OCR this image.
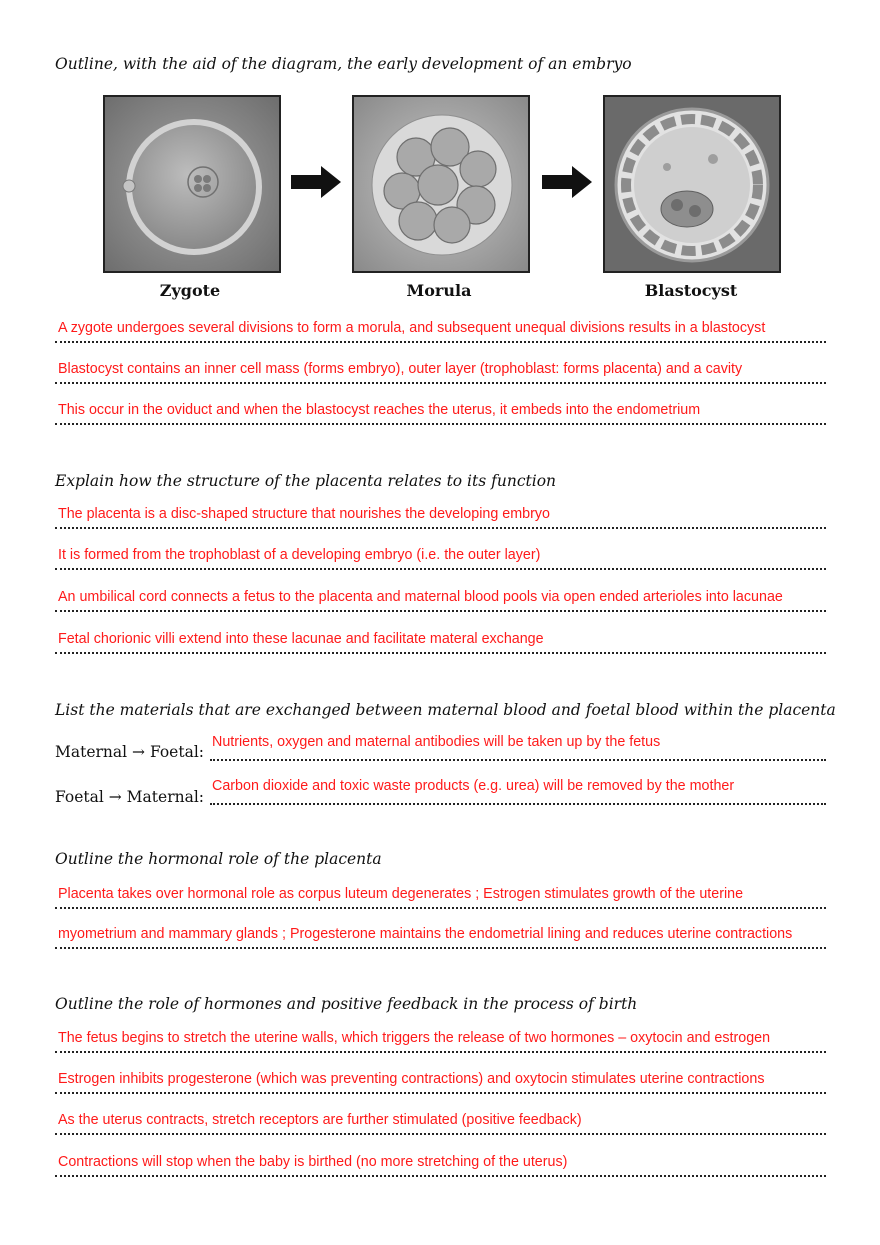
Outline, with the aid of the diagram, the early development of an embryo
Zygote	Morula	Blastocyst
A zygote undergoes several divisions to form a morula, and subsequent unequal divisions results in a blastocyst
Blastocyst contains an inner cell mass (forms embryo), outer layer (trophoblast: forms placenta) and a cavity
This occur in the oviduct and when the blastocyst reaches the uterus, it embeds into the endometrium
Explain how the structure of the placenta relates to its function
The placenta is a disc-shaped structure that nourishes the developing embryo
It is formed from the trophoblast of a developing embryo (i.e. the outer layer)
An umbilical cord connects a fetus to the placenta and maternal blood pools via open ended arterioles into lacunae
Fetal chorionic villi extend into these lacunae and facilitate materal exchange
List the materials that are exchanged between maternal blood and foetal blood within the placenta
Maternal → Foetal:
Nutrients, oxygen and maternal antibodies will be taken up by the fetus
Foetal → Maternal:
Carbon dioxide and toxic waste products (e.g. urea) will be removed by the mother
Outline the hormonal role of the placenta
Placenta takes over hormonal role as corpus luteum degenerates ; Estrogen stimulates growth of the uterine
myometrium and mammary glands ; Progesterone maintains the endometrial lining and reduces uterine contractions
Outline the role of hormones and positive feedback in the process of birth
The fetus begins to stretch the uterine walls, which triggers the release of two hormones – oxytocin and estrogen
Estrogen inhibits progesterone (which was preventing contractions) and oxytocin stimulates uterine contractions
As the uterus contracts, stretch receptors are further stimulated (positive feedback)
Contractions will stop when the baby is birthed (no more stretching of the uterus)
